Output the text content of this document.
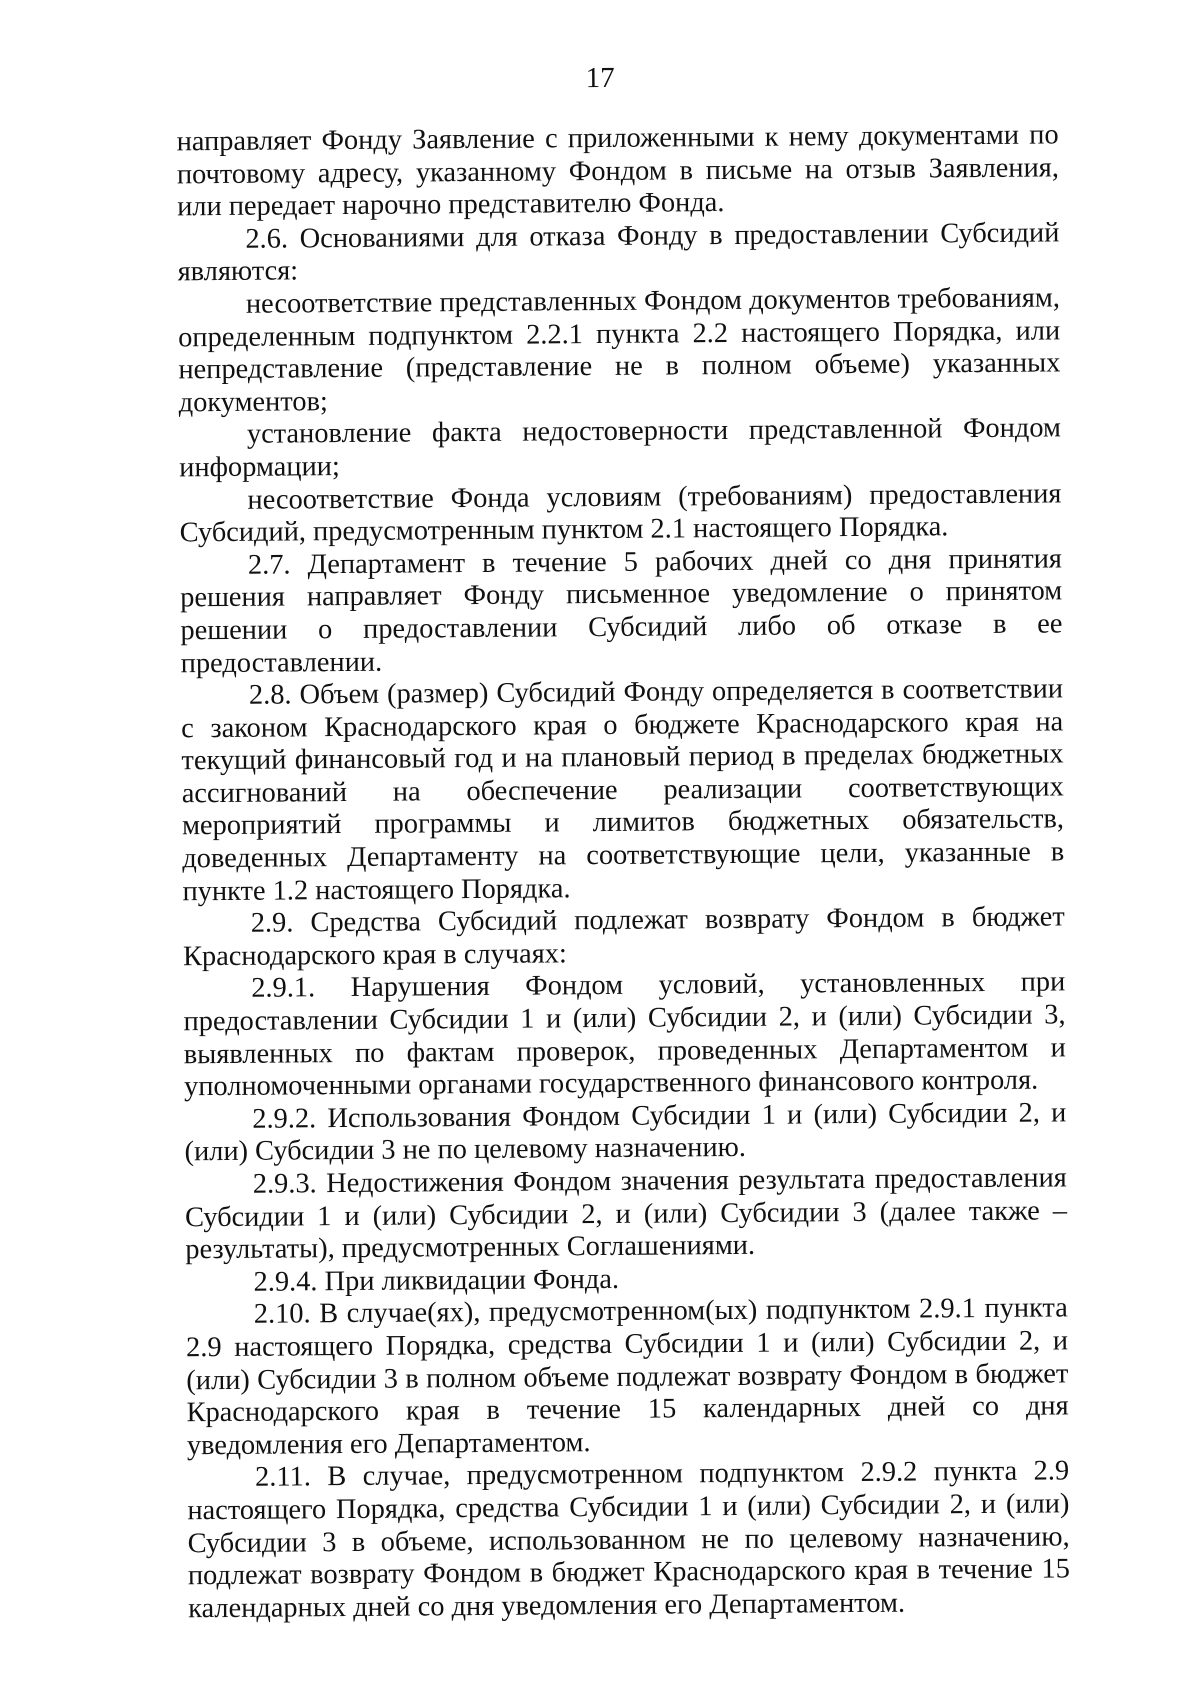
17

направляет Фонду Заявление с приложенными к нему документами по почтовому адресу, указанному Фондом в письме на отзыв Заявления, или передает нарочно представителю Фонда.

2.6. Основаниями для отказа Фонду в предоставлении Субсидий являются:

несоответствие представленных Фондом документов требованиям, определенным подпунктом 2.2.1 пункта 2.2 настоящего Порядка, или непредставление (представление не в полном объеме) указанных документов;

установление факта недостоверности представленной Фондом информации;

несоответствие Фонда условиям (требованиям) предоставления Субсидий, предусмотренным пунктом 2.1 настоящего Порядка.

2.7. Департамент в течение 5 рабочих дней со дня принятия решения направляет Фонду письменное уведомление о принятом решении о предоставлении Субсидий либо об отказе в ее предоставлении.

2.8. Объем (размер) Субсидий Фонду определяется в соответствии с законом Краснодарского края о бюджете Краснодарского края на текущий финансовый год и на плановый период в пределах бюджетных ассигнований на обеспечение реализации соответствующих мероприятий программы и лимитов бюджетных обязательств, доведенных Департаменту на соответствующие цели, указанные в пункте 1.2 настоящего Порядка.

2.9. Средства Субсидий подлежат возврату Фондом в бюджет Краснодарского края в случаях:

2.9.1. Нарушения Фондом условий, установленных при предоставлении Субсидии 1 и (или) Субсидии 2, и (или) Субсидии 3, выявленных по фактам проверок, проведенных Департаментом и уполномоченными органами государственного финансового контроля.

2.9.2. Использования Фондом Субсидии 1 и (или) Субсидии 2, и (или) Субсидии 3 не по целевому назначению.

2.9.3. Недостижения Фондом значения результата предоставления Субсидии 1 и (или) Субсидии 2, и (или) Субсидии 3 (далее также – результаты), предусмотренных Соглашениями.

2.9.4. При ликвидации Фонда.

2.10. В случае(ях), предусмотренном(ых) подпунктом 2.9.1 пункта 2.9 настоящего Порядка, средства Субсидии 1 и (или) Субсидии 2, и (или) Субсидии 3 в полном объеме подлежат возврату Фондом в бюджет Краснодарского края в течение 15 календарных дней со дня уведомления его Департаментом.

2.11. В случае, предусмотренном подпунктом 2.9.2 пункта 2.9 настоящего Порядка, средства Субсидии 1 и (или) Субсидии 2, и (или) Субсидии 3 в объеме, использованном не по целевому назначению, подлежат возврату Фондом в бюджет Краснодарского края в течение 15 календарных дней со дня уведомления его Департаментом.
